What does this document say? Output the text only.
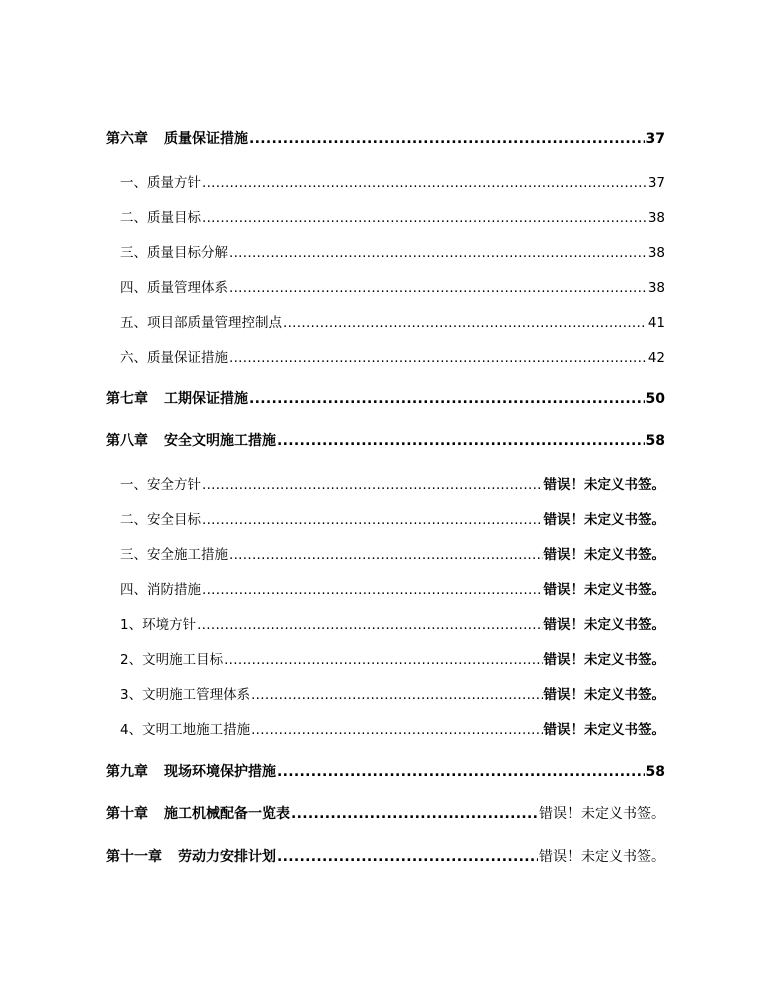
第六章 质量保证措施 .....	37
一、质量方针 .....	37
二、质量目标 .....	38
三、质量目标分解 .....	38
四、质量管理体系 .....	38
五、项目部质量管理控制点 .....	41
六、质量保证措施 .....	42
第七章 工期保证措施 .....	50
第八章 安全文明施工措施 .....	58
一、安全方针 .....	错误！未定义书签。
二、安全目标 .....	错误！未定义书签。
三、安全施工措施 .....	错误！未定义书签。
四、消防措施 .....	错误！未定义书签。
1、环境方针 .....	错误！未定义书签。
2、文明施工目标 .....	错误！未定义书签。
3、文明施工管理体系 .....	错误！未定义书签。
4、文明工地施工措施 .....	错误！未定义书签。
第九章 现场环境保护措施 .....	58
第十章 施工机械配备一览表 .....	错误！未定义书签。
第十一章 劳动力安排计划 .....	错误！未定义书签。
